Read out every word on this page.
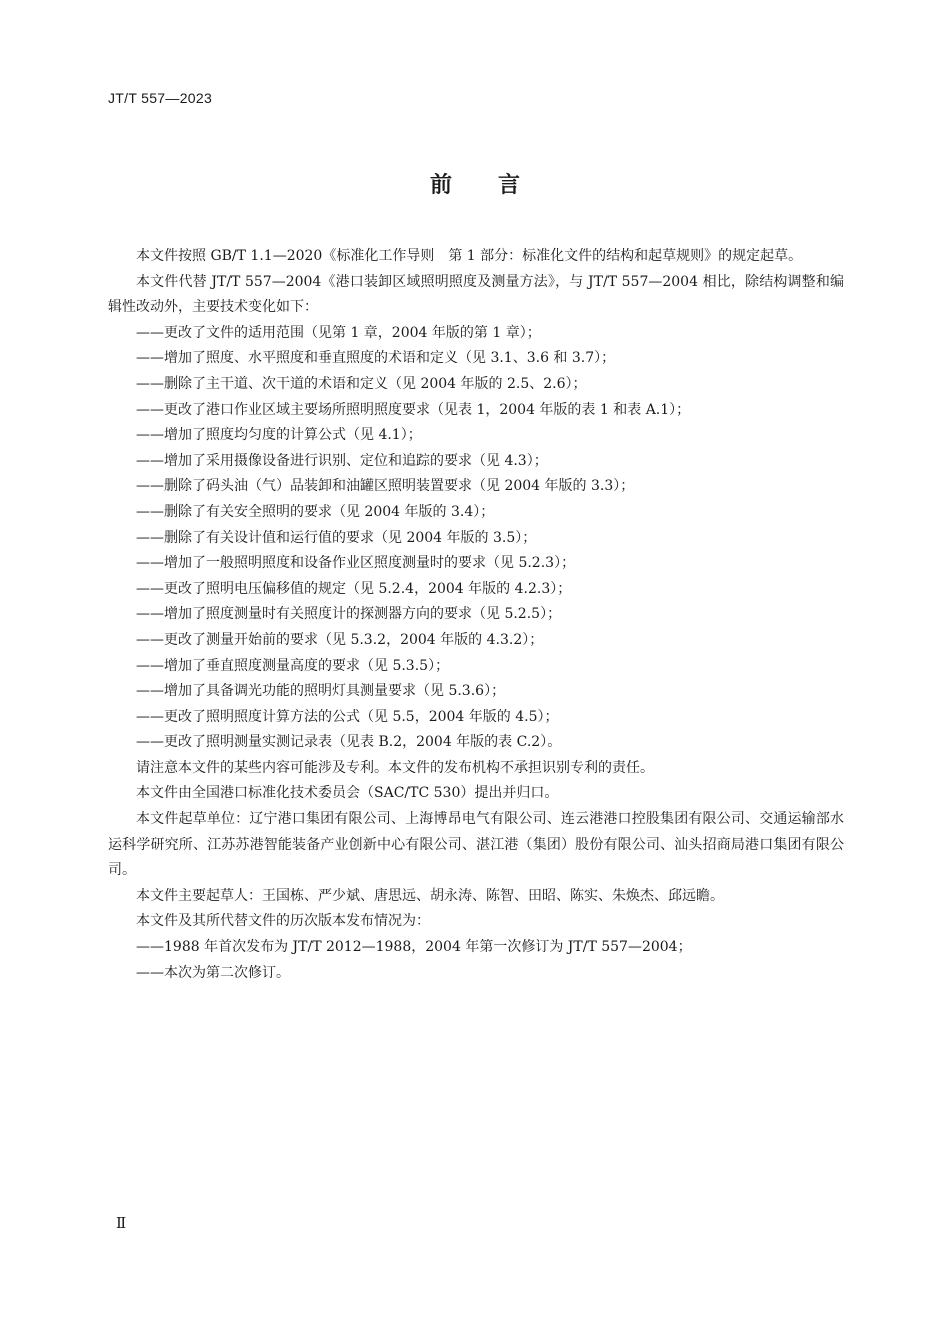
JT/T 557—2023
前言

本文件按照 GB/T 1.1—2020《标准化工作导则　第 1 部分：标准化文件的结构和起草规则》的规定起草。

本文件代替 JT/T 557—2004《港口装卸区域照明照度及测量方法》，与 JT/T 557—2004 相比，除结构调整和编辑性改动外，主要技术变化如下：

——更改了文件的适用范围（见第 1 章，2004 年版的第 1 章）；

——增加了照度、水平照度和垂直照度的术语和定义（见 3.1、3.6 和 3.7）；

——删除了主干道、次干道的术语和定义（见 2004 年版的 2.5、2.6）；

——更改了港口作业区域主要场所照明照度要求（见表 1，2004 年版的表 1 和表 A.1）；

——增加了照度均匀度的计算公式（见 4.1）；

——增加了采用摄像设备进行识别、定位和追踪的要求（见 4.3）；

——删除了码头油（气）品装卸和油罐区照明装置要求（见 2004 年版的 3.3）；

——删除了有关安全照明的要求（见 2004 年版的 3.4）；

——删除了有关设计值和运行值的要求（见 2004 年版的 3.5）；

——增加了一般照明照度和设备作业区照度测量时的要求（见 5.2.3）；

——更改了照明电压偏移值的规定（见 5.2.4，2004 年版的 4.2.3）；

——增加了照度测量时有关照度计的探测器方向的要求（见 5.2.5）；

——更改了测量开始前的要求（见 5.3.2，2004 年版的 4.3.2）；

——增加了垂直照度测量高度的要求（见 5.3.5）；

——增加了具备调光功能的照明灯具测量要求（见 5.3.6）；

——更改了照明照度计算方法的公式（见 5.5，2004 年版的 4.5）；

——更改了照明测量实测记录表（见表 B.2，2004 年版的表 C.2）。

请注意本文件的某些内容可能涉及专利。本文件的发布机构不承担识别专利的责任。

本文件由全国港口标准化技术委员会（SAC/TC 530）提出并归口。

本文件起草单位：辽宁港口集团有限公司、上海博昂电气有限公司、连云港港口控股集团有限公司、交通运输部水运科学研究所、江苏苏港智能装备产业创新中心有限公司、湛江港（集团）股份有限公司、汕头招商局港口集团有限公司。

本文件主要起草人：王国栋、严少斌、唐思远、胡永涛、陈智、田昭、陈实、朱焕杰、邱远瞻。

本文件及其所代替文件的历次版本发布情况为：

——1988 年首次发布为 JT/T 2012—1988，2004 年第一次修订为 JT/T 557—2004；

——本次为第二次修订。

Ⅱ
